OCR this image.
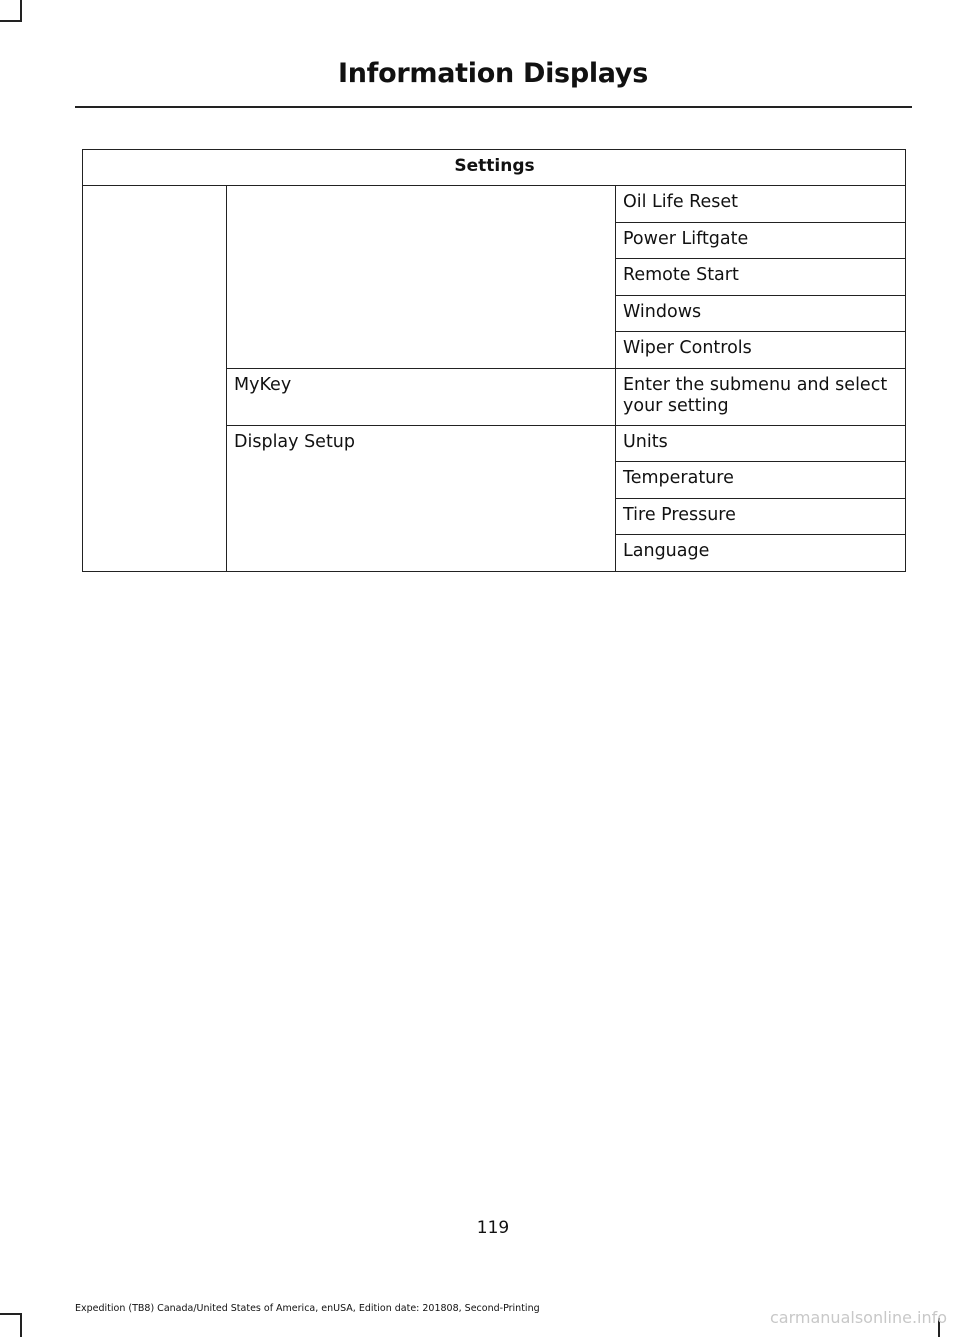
Information Displays
Settings		
		Oil Life Reset
		Power Liftgate
		Remote Start
		Windows
		Wiper Controls
	MyKey	Enter the submenu and select your setting
	Display Setup	Units
		Temperature
		Tire Pressure
		Language
119
Expedition (TB8) Canada/United States of America, enUSA, Edition date: 201808, Second-Printing	carmanualsonline.info
